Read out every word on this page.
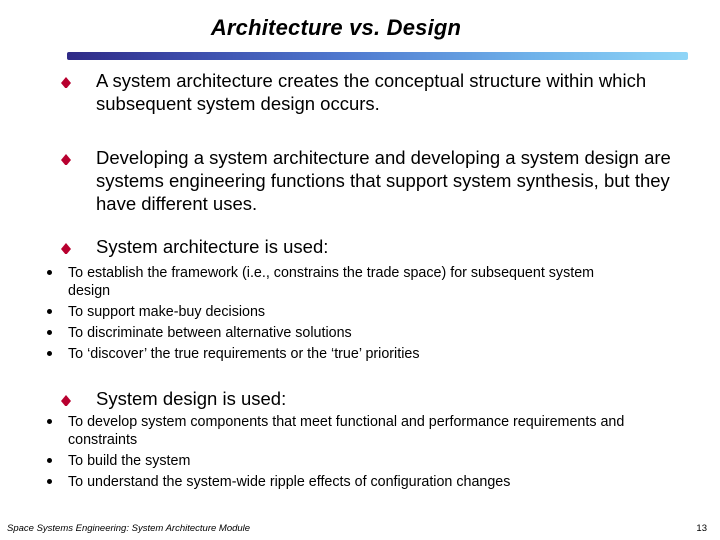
Architecture vs. Design

A system architecture creates the conceptual structure within which subsequent system design occurs.

Developing a system architecture and developing a system design are systems engineering functions that support system synthesis, but they have different uses.

System architecture is used:

To establish the framework (i.e., constrains the trade space) for subsequent system design
To support make-buy decisions
To discriminate between alternative solutions
To ‘discover’ the true requirements or the ‘true’ priorities

System design is used:

To develop system components that meet functional and performance requirements and constraints
To build the system
To understand the system-wide ripple effects of configuration changes
Space Systems Engineering: System Architecture Module	13
